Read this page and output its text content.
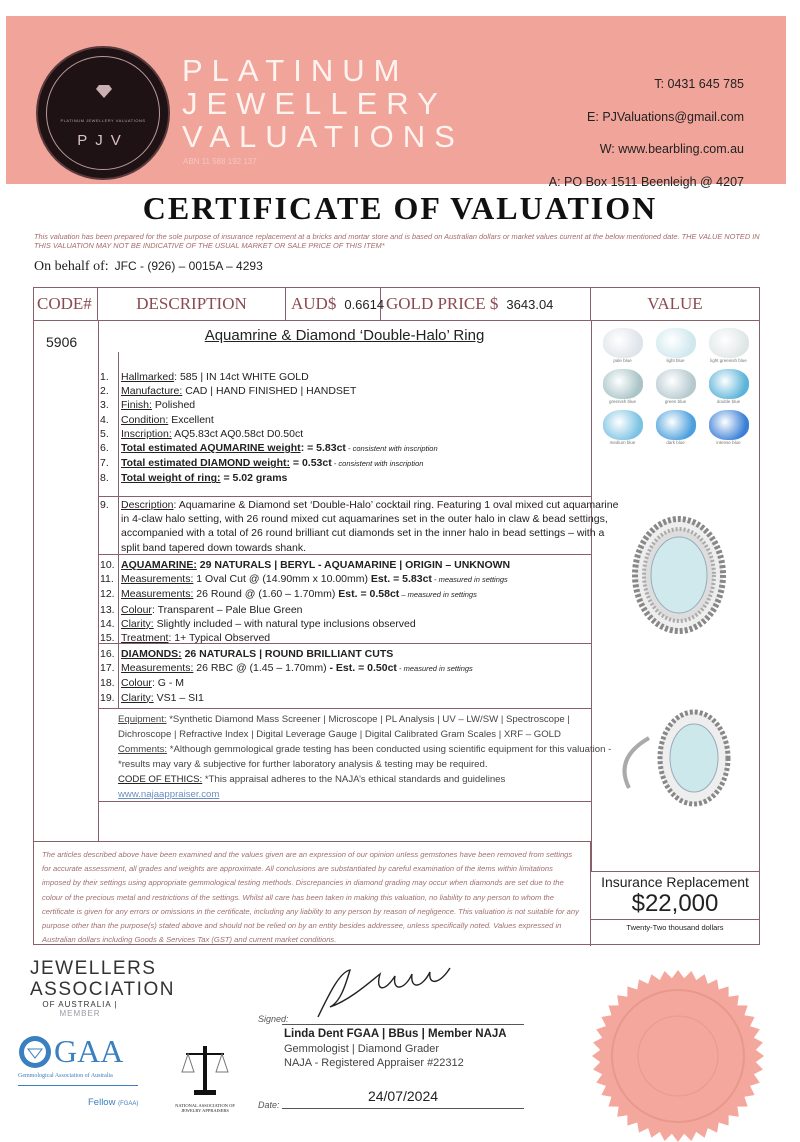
PLATINUM JEWELLERY VALUATIONS
PJV
PLATINUM
JEWELLERY
VALUATIONS
ABN 11 588 192 137
T: 0431 645 785
E: PJValuations@gmail.com
W: www.bearbling.com.au
A: PO Box 1511 Beenleigh @ 4207
CERTIFICATE OF VALUATION
This valuation has been prepared for the sole purpose of insurance replacement at a bricks and mortar store and is based on Australian dollars or market values current at the below mentioned date. THE VALUE NOTED IN THIS VALUATION MAY NOT BE INDICATIVE OF THE USUAL MARKET OR SALE PRICE OF THIS ITEM*
On behalf of: JFC - (926) – 0015A – 4293
CODE#	DESCRIPTION	AUD$ 0.6614 GOLD PRICE $ 3643.04	VALUE
5906	Aquamrine & Diamond ‘Double-Halo’ Ring
1.	Hallmarked: 585 | IN 14ct WHITE GOLD
2.	Manufacture: CAD | HAND FINISHED | HANDSET
3.	Finish: Polished
4.	Condition: Excellent
5.	Inscription: AQ5.83ct AQ0.58ct D0.50ct
6.	Total estimated AQUMARINE weight: = 5.83ct - consistent with inscription
7.	Total estimated DIAMOND weight: = 0.53ct - consistent with inscription
8.	Total weight of ring: = 5.02 grams
9.	Description: Aquamarine & Diamond set ‘Double-Halo’ cocktail ring. Featuring 1 oval mixed cut aquamarine in 4-claw halo setting, with 26 round mixed cut aquamarines set in the outer halo in claw & bead settings, accompanied with a total of 26 round brilliant cut diamonds set in the inner halo in bead settings – with a split band tapered down towards shank.
10. AQUAMARINE: 29 NATURALS | BERYL - AQUAMARINE | ORIGIN – UNKNOWN
11. Measurements: 1 Oval Cut @ (14.90mm x 10.00mm) Est. = 5.83ct - measured in settings
12. Measurements: 26 Round @ (1.60 – 1.70mm) Est. = 0.58ct – measured in settings
13. Colour: Transparent – Pale Blue Green
14. Clarity: Slightly included – with natural type inclusions observed
15. Treatment: 1+ Typical Observed
16. DIAMONDS: 26 NATURALS | ROUND BRILLIANT CUTS
17. Measurements: 26 RBC @ (1.45 – 1.70mm) - Est. = 0.50ct - measured in settings
18. Colour: G - M
19. Clarity: VS1 – SI1
Equipment: *Synthetic Diamond Mass Screener | Microscope | PL Analysis | UV – LW/SW | Spectroscope | Dichroscope | Refractive Index | Digital Leverage Gauge | Digital Calibrated Gram Scales | XRF – GOLD
Comments: *Although gemmological grade testing has been conducted using scientific equipment for this valuation - *results may vary & subjective for further laboratory analysis & testing may be required.
CODE OF ETHICS: *This appraisal adheres to the NAJA’s ethical standards and guidelines
www.najaappraiser.com
pale blue	light blue	light greenish blue
greenish blue	green blue	double blue
medium blue	dark blue	intense blue
The articles described above have been examined and the values given are an expression of our opinion unless gemstones have been removed from settings for accurate assessment, all grades and weights are approximate. All conclusions are substantiated by careful examination of the items within limitations imposed by their settings using appropriate gemmological testing methods. Discrepancies in diamond grading may occur when diamonds are set due to the colour of the precious metal and restrictions of the settings. Whilst all care has been taken in making this valuation, no liability to any person to whom the certificate is given for any errors or omissions in the certificate, including any liability to any person by reason of negligence. This valuation is not suitable for any purpose other than the purpose(s) stated above and should not be relied on by an entity besides addressee, unless specifically noted. Values expressed in Australian dollars including Goods & Services Tax (GST) and current market conditions.
Insurance Replacement
$22,000
Twenty-Two thousand dollars
JEWELLERS
ASSOCIATION
OF AUSTRALIA | MEMBER
GAA
Gemmological Association of Australia
Fellow (FGAA)	NATIONAL ASSOCIATION OF JEWELRY APPRAISERS
Signed:
Linda Dent FGAA | BBus | Member NAJA
Gemmologist | Diamond Grader
NAJA - Registered Appraiser #22312
Date:
24/07/2024
